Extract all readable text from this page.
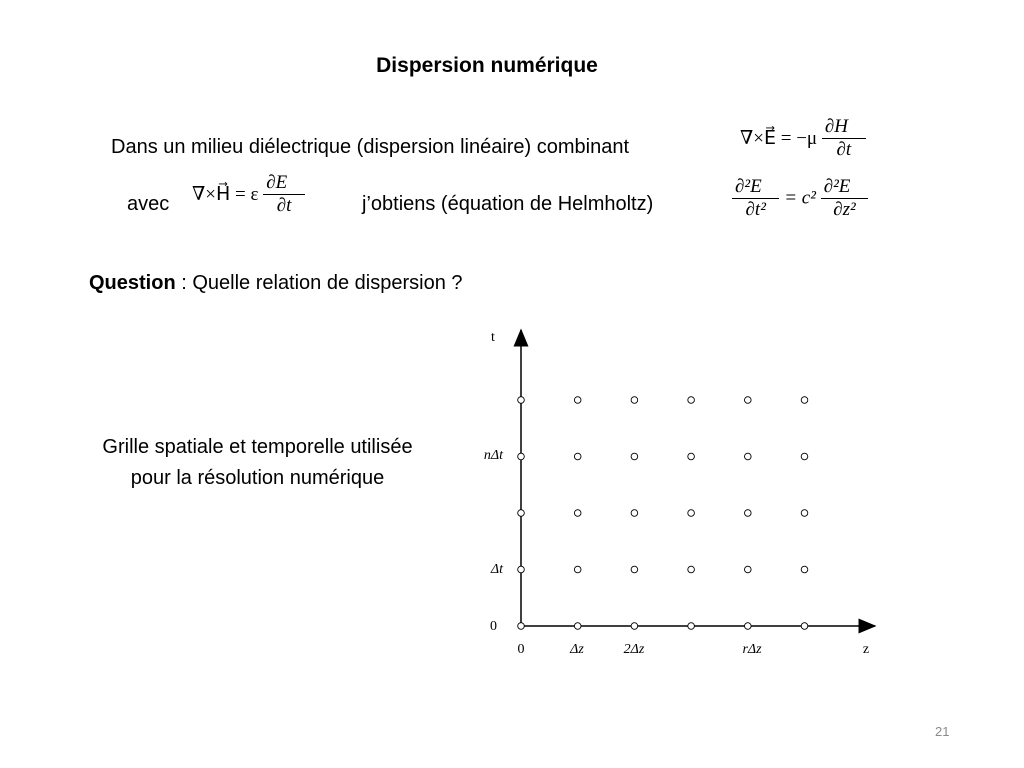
Dispersion numérique
Dans un milieu diélectrique (dispersion linéaire) combinant	∇×E⃗ = $-\mu \frac{\partial H⃗}{\partial t}$
avec ∇×H⃗ = ε $\frac{\partial E⃗}{\partial t}$	j’obtiens (équation de Helmholtz)	$\frac{\text{∂²E⃗}}{\text{∂t²}} = c^2 \frac{\text{∂²E⃗}}{\text{∂z²}}$
Question : Quelle relation de dispersion ?
Grille spatiale et temporelle utilisée pour la résolution numérique
t
z
0
Δt
nΔt
0	Δz	2Δz	rΔz
21
